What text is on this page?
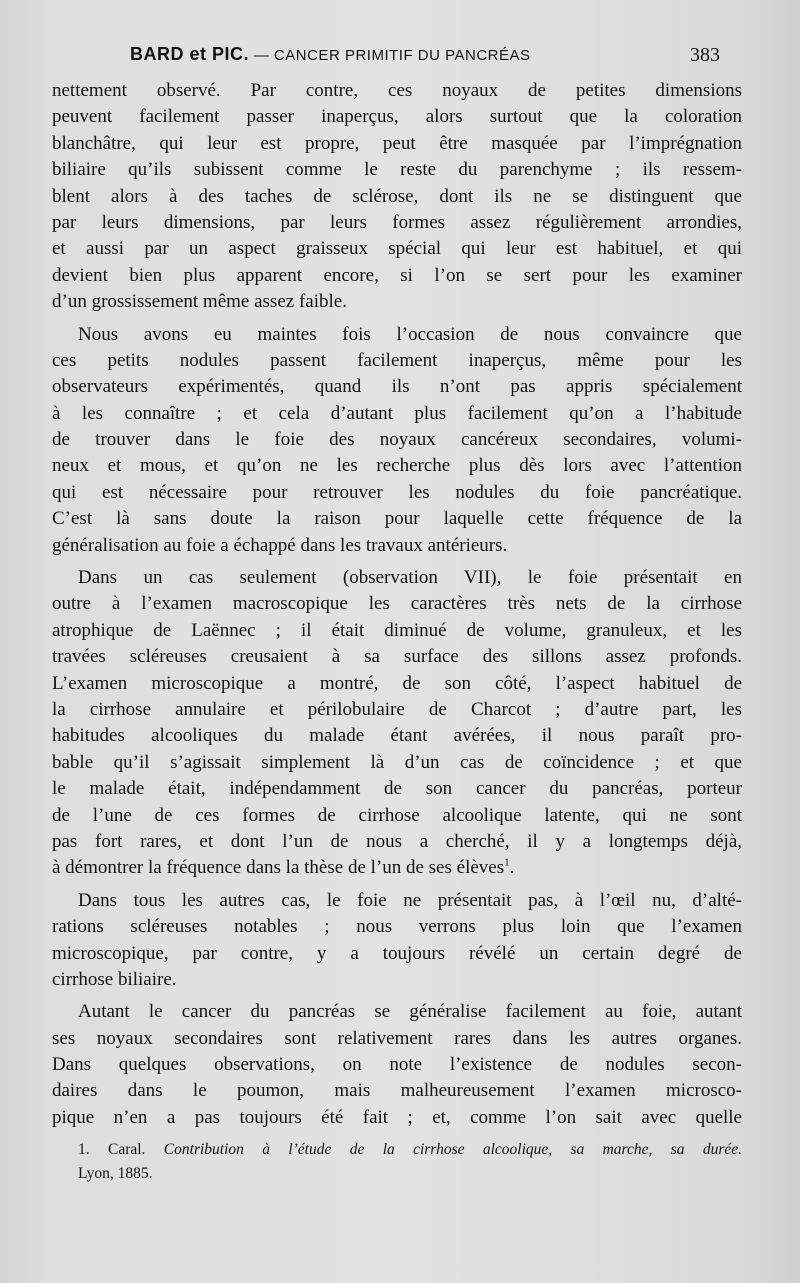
BARD et PIC. — CANCER PRIMITIF DU PANCRÉAS	383
nettement observé. Par contre, ces noyaux de petites dimensions
peuvent facilement passer inaperçus, alors surtout que la coloration
blanchâtre, qui leur est propre, peut être masquée par l’imprégnation
biliaire qu’ils subissent comme le reste du parenchyme ; ils ressem-
blent alors à des taches de sclérose, dont ils ne se distinguent que
par leurs dimensions, par leurs formes assez régulièrement arrondies,
et aussi par un aspect graisseux spécial qui leur est habituel, et qui
devient bien plus apparent encore, si l’on se sert pour les examiner
d’un grossissement même assez faible.
Nous avons eu maintes fois l’occasion de nous convaincre que
ces petits nodules passent facilement inaperçus, même pour les
observateurs expérimentés, quand ils n’ont pas appris spécialement
à les connaître ; et cela d’autant plus facilement qu’on a l’habitude
de trouver dans le foie des noyaux cancéreux secondaires, volumi-
neux et mous, et qu’on ne les recherche plus dès lors avec l’attention
qui est nécessaire pour retrouver les nodules du foie pancréatique.
C’est là sans doute la raison pour laquelle cette fréquence de la
généralisation au foie a échappé dans les travaux antérieurs.
Dans un cas seulement (observation VII), le foie présentait en
outre à l’examen macroscopique les caractères très nets de la cirrhose
atrophique de Laënnec ; il était diminué de volume, granuleux, et les
travées scléreuses creusaient à sa surface des sillons assez profonds.
L’examen microscopique a montré, de son côté, l’aspect habituel de
la cirrhose annulaire et périlobulaire de Charcot ; d’autre part, les
habitudes alcooliques du malade étant avérées, il nous paraît pro-
bable qu’il s’agissait simplement là d’un cas de coïncidence ; et que
le malade était, indépendamment de son cancer du pancréas, porteur
de l’une de ces formes de cirrhose alcoolique latente, qui ne sont
pas fort rares, et dont l’un de nous a cherché, il y a longtemps déjà,
à démontrer la fréquence dans la thèse de l’un de ses élèves$^1$.
Dans tous les autres cas, le foie ne présentait pas, à l’œil nu, d’alté-
rations scléreuses notables ; nous verrons plus loin que l’examen
microscopique, par contre, y a toujours révélé un certain degré de
cirrhose biliaire.
Autant le cancer du pancréas se généralise facilement au foie, autant
ses noyaux secondaires sont relativement rares dans les autres organes.
Dans quelques observations, on note l’existence de nodules secon-
daires dans le poumon, mais malheureusement l’examen microsco-
pique n’en a pas toujours été fait ; et, comme l’on sait avec quelle
1. Caral. Contribution à l’étude de la cirrhose alcoolique, sa marche, sa durée.
Lyon, 1885.
